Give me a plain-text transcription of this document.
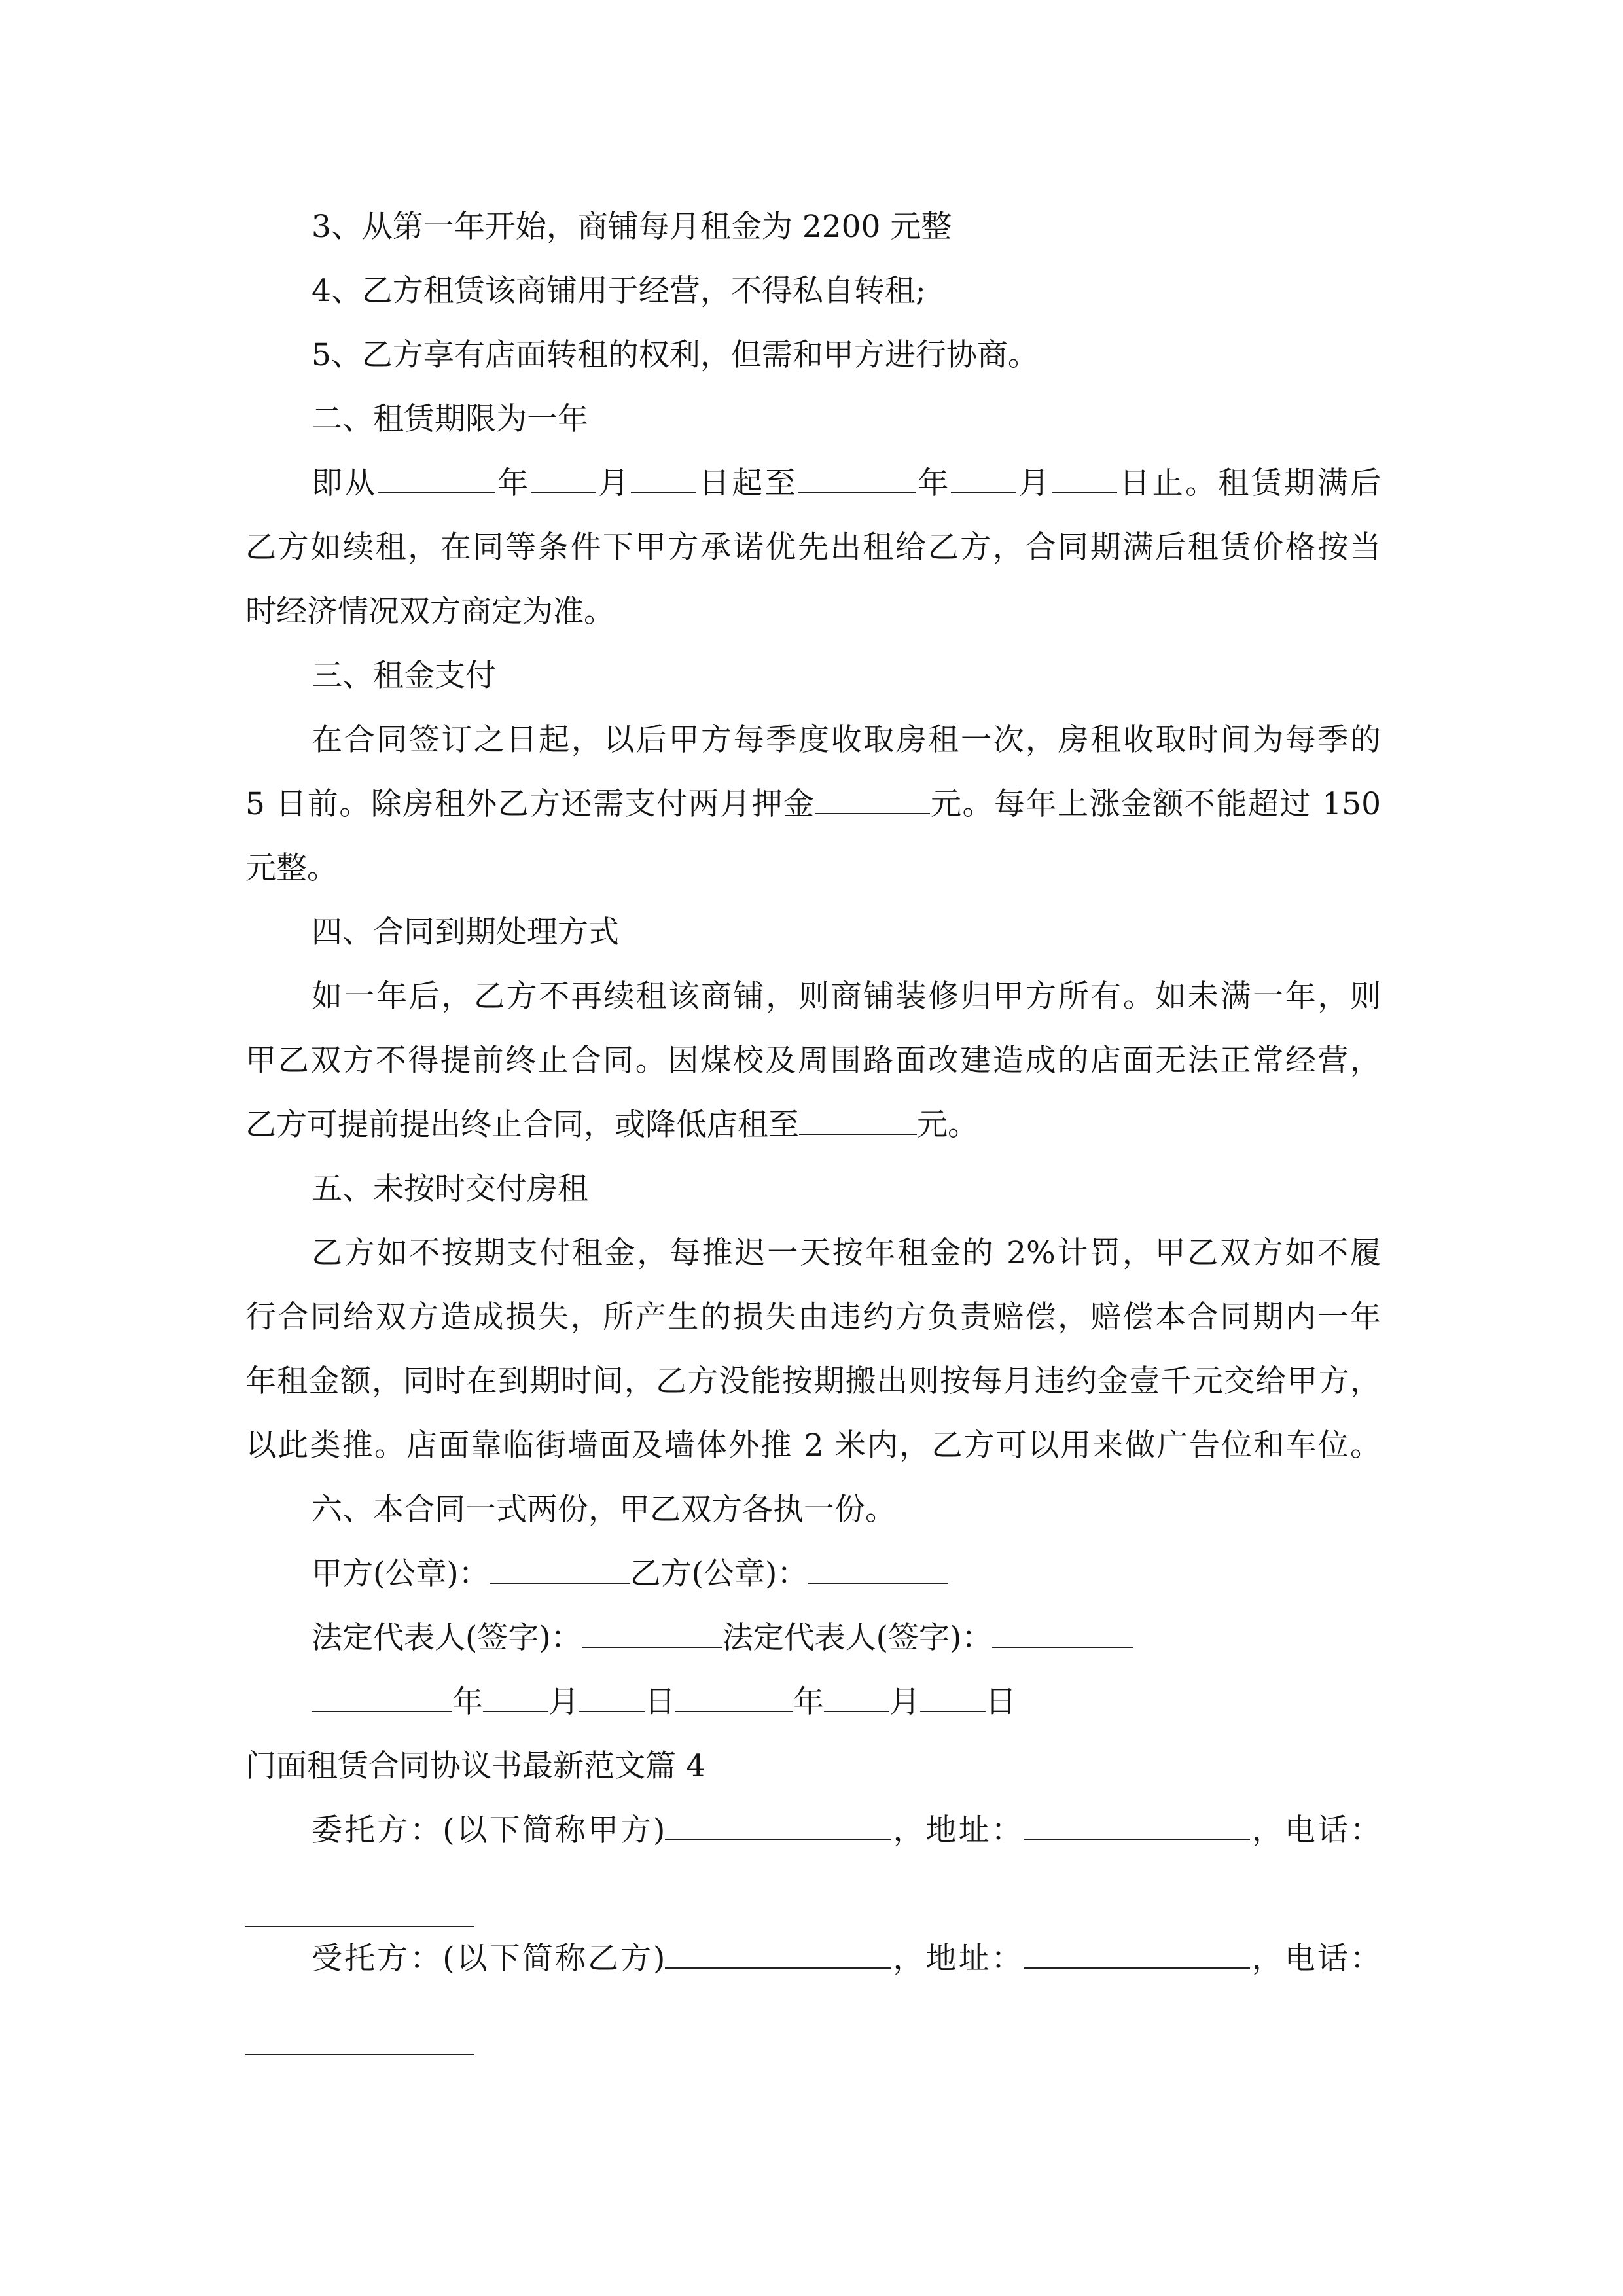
3、从第一年开始，商铺每月租金为 2200 元整
4、乙方租赁该商铺用于经营，不得私自转租;
5、乙方享有店面转租的权利，但需和甲方进行协商。
二、租赁期限为一年
即从	年 月 日起至	年 月 日止。租赁期满后
乙方如续租，在同等条件下甲方承诺优先出租给乙方，合同期满后租赁价格按当
时经济情况双方商定为准。
三、租金支付
在合同签订之日起，以后甲方每季度收取房租一次，房租收取时间为每季的
5 日前。除房租外乙方还需支付两月押金	元。每年上涨金额不能超过 150
元整。
四、合同到期处理方式
如一年后，乙方不再续租该商铺，则商铺装修归甲方所有。如未满一年，则
甲乙双方不得提前终止合同。因煤校及周围路面改建造成的店面无法正常经营，
乙方可提前提出终止合同，或降低店租至	元。
五、未按时交付房租
乙方如不按期支付租金，每推迟一天按年租金的 2%计罚，甲乙双方如不履
行合同给双方造成损失，所产生的损失由违约方负责赔偿，赔偿本合同期内一年
年租金额，同时在到期时间，乙方没能按期搬出则按每月违约金壹千元交给甲方，
以此类推。店面靠临街墙面及墙体外推 2 米内，乙方可以用来做广告位和车位。
六、本合同一式两份，甲乙双方各执一份。
甲方(公章)：	乙方(公章)：
法定代表人(签字)：	法定代表人(签字)：
年 月 日	年 月 日
门面租赁合同协议书最新范文篇 4
委托方：(以下简称甲方)	，地址：	，电话：
受托方：(以下简称乙方)	，地址：	，电话：
